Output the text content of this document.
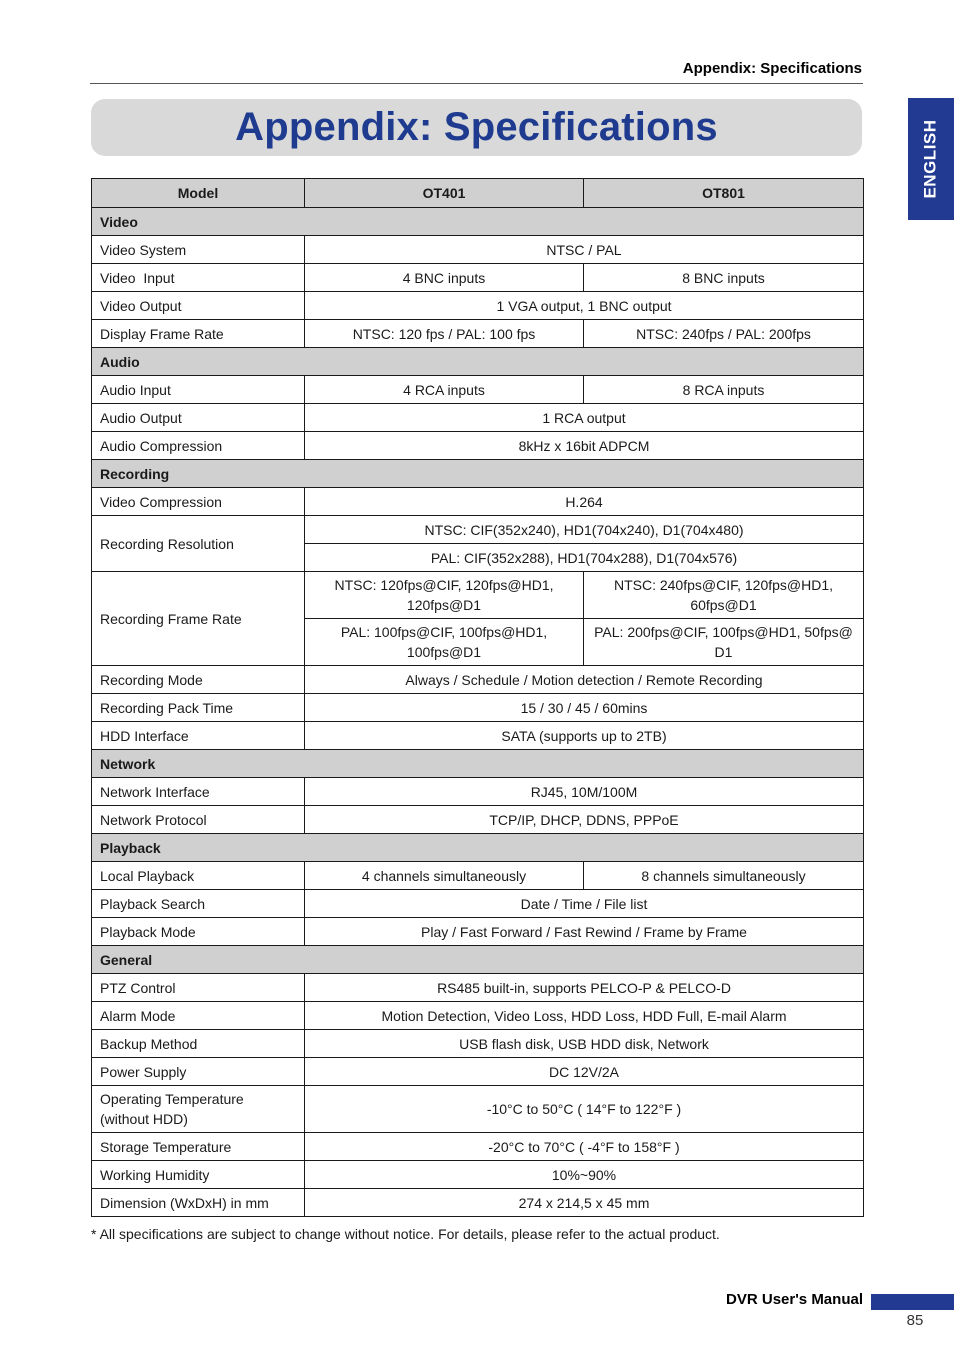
Appendix: Specifications
Appendix: Specifications	ENGLISH
Model	OT401	OT801
Video		
Video System	NTSC / PAL	
Video  Input	4 BNC inputs	8 BNC inputs
Video Output	1 VGA output, 1 BNC output	
Display Frame Rate	NTSC: 120 fps / PAL: 100 fps	NTSC: 240fps / PAL: 200fps
Audio		
Audio Input	4 RCA inputs	8 RCA inputs
Audio Output	1 RCA output	
Audio Compression	8kHz x 16bit ADPCM	
Recording		
Video Compression	H.264	
Recording Resolution	NTSC: CIF(352x240), HD1(704x240), D1(704x480)	
	PAL: CIF(352x288), HD1(704x288), D1(704x576)	
Recording Frame Rate	NTSC: 120fps@CIF, 120fps@HD1, 120fps@D1	NTSC: 240fps@CIF, 120fps@HD1, 60fps@D1
	PAL: 100fps@CIF, 100fps@HD1, 100fps@D1	PAL: 200fps@CIF, 100fps@HD1, 50fps@ D1
Recording Mode	Always / Schedule / Motion detection / Remote Recording	
Recording Pack Time	15 / 30 / 45 / 60mins	
HDD Interface	SATA (supports up to 2TB)	
Network		
Network Interface	RJ45, 10M/100M	
Network Protocol	TCP/IP, DHCP, DDNS, PPPoE	
Playback		
Local Playback	4 channels simultaneously	8 channels simultaneously
Playback Search	Date / Time / File list	
Playback Mode	Play / Fast Forward / Fast Rewind / Frame by Frame	
General		
PTZ Control	RS485 built-in, supports PELCO-P & PELCO-D	
Alarm Mode	Motion Detection, Video Loss, HDD Loss, HDD Full, E-mail Alarm	
Backup Method	USB flash disk, USB HDD disk, Network	
Power Supply	DC 12V/2A	
Operating Temperature (without HDD)	-10°C to 50°C ( 14°F to 122°F )	
Storage Temperature	-20°C to 70°C ( -4°F to 158°F )	
Working Humidity	10%~90%	
Dimension (WxDxH) in mm	274 x 214,5 x 45 mm	
* All specifications are subject to change without notice. For details, please refer to the actual product.
DVR User's Manual
85
